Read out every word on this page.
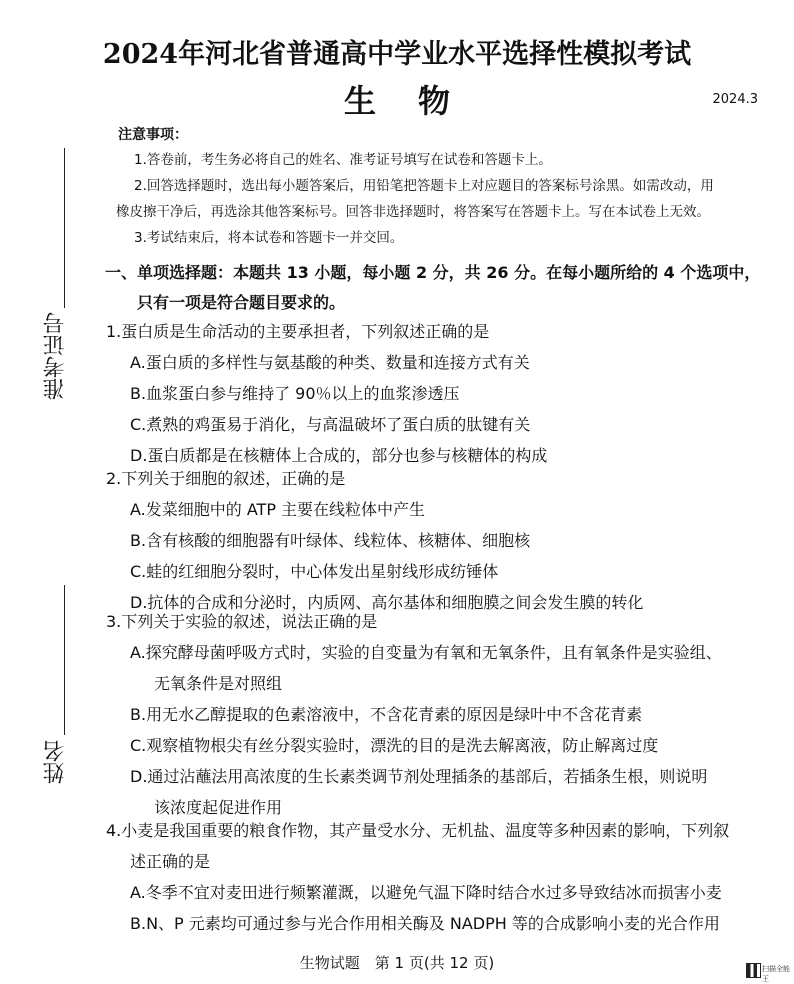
2024年河北省普通高中学业水平选择性模拟考试
生物	2024.3
注意事项：

1.答卷前，考生务必将自己的姓名、准考证号填写在试卷和答题卡上。

2.回答选择题时，选出每小题答案后，用铅笔把答题卡上对应题目的答案标号涂黑。如需改动，用

橡皮擦干净后，再选涂其他答案标号。回答非选择题时，将答案写在答题卡上。写在本试卷上无效。

3.考试结束后，将本试卷和答题卡一并交回。

一、单项选择题：本题共 13 小题，每小题 2 分，共 26 分。在每小题所给的 4 个选项中，
只有一项是符合题目要求的。
1.蛋白质是生命活动的主要承担者，下列叙述正确的是
A.蛋白质的多样性与氨基酸的种类、数量和连接方式有关
B.血浆蛋白参与维持了 90％以上的血浆渗透压
C.煮熟的鸡蛋易于消化，与高温破坏了蛋白质的肽键有关
D.蛋白质都是在核糖体上合成的，部分也参与核糖体的构成
2.下列关于细胞的叙述，正确的是
A.发菜细胞中的 ATP 主要在线粒体中产生
B.含有核酸的细胞器有叶绿体、线粒体、核糖体、细胞核
C.蛙的红细胞分裂时，中心体发出星射线形成纺锤体
D.抗体的合成和分泌时，内质网、高尔基体和细胞膜之间会发生膜的转化
3.下列关于实验的叙述，说法正确的是
A.探究酵母菌呼吸方式时，实验的自变量为有氧和无氧条件，且有氧条件是实验组、
无氧条件是对照组
B.用无水乙醇提取的色素溶液中，不含花青素的原因是绿叶中不含花青素
C.观察植物根尖有丝分裂实验时，漂洗的目的是洗去解离液，防止解离过度
D.通过沾蘸法用高浓度的生长素类调节剂处理插条的基部后，若插条生根，则说明
该浓度起促进作用
4.小麦是我国重要的粮食作物，其产量受水分、无机盐、温度等多种因素的影响，下列叙
述正确的是
A.冬季不宜对麦田进行频繁灌溉，以避免气温下降时结合水过多导致结冰而损害小麦
B.N、P 元素均可通过参与光合作用相关酶及 NADPH 等的合成影响小麦的光合作用
准考证号
姓名
生物试题　第 1 页(共 12 页)	扫描全能王
